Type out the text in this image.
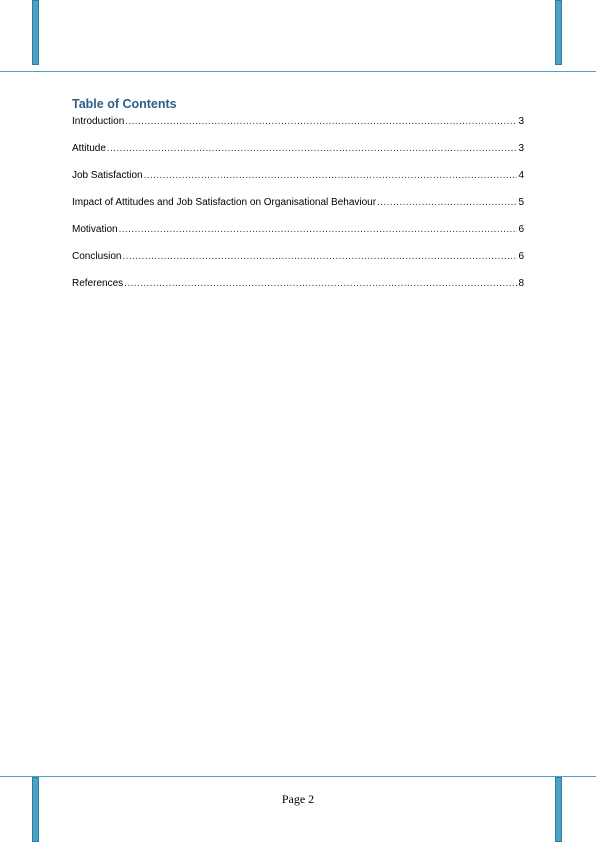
Table of Contents
Introduction .....	3
Attitude .....	3
Job Satisfaction .....	4
Impact of Attitudes and Job Satisfaction on Organisational Behaviour .....	5
Motivation .....	6
Conclusion .....	6
References .....	8
Page 2
